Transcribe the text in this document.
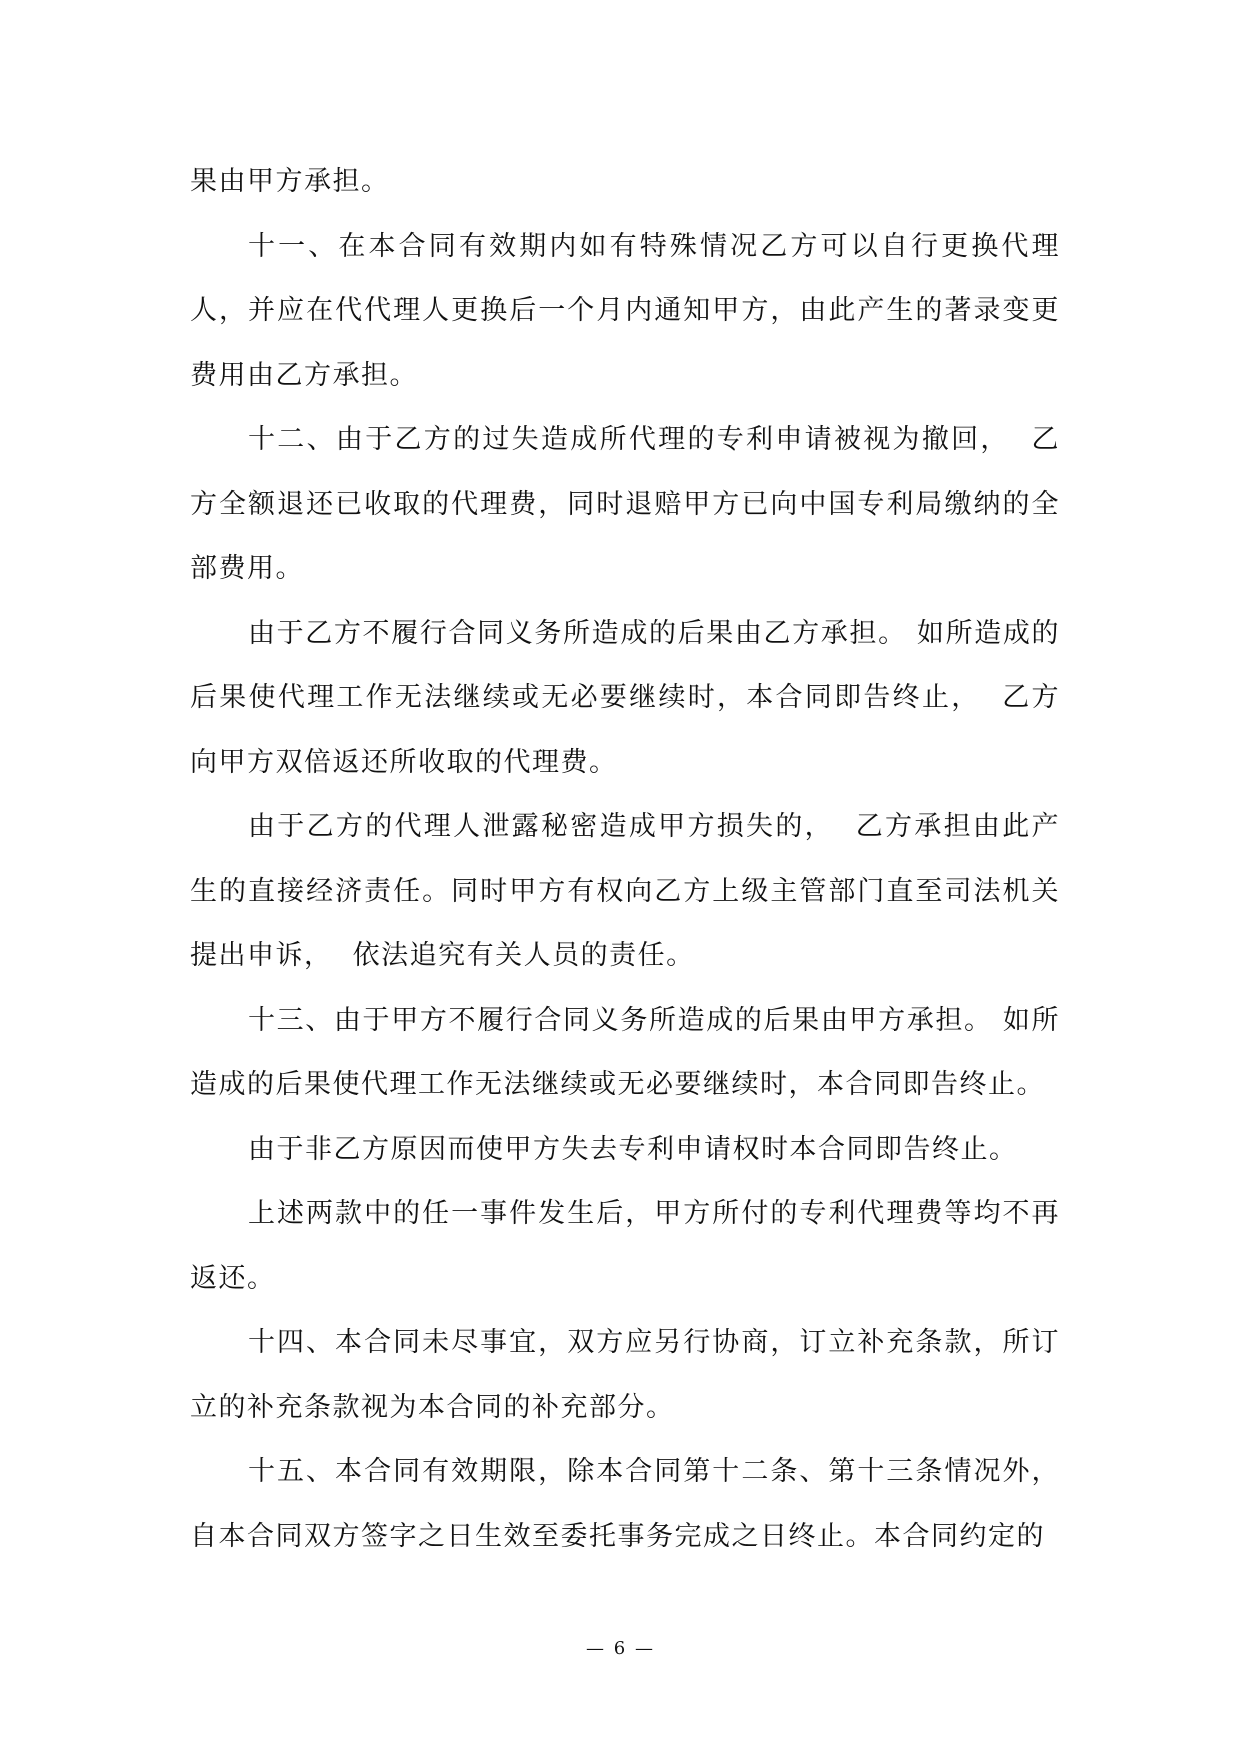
果由甲方承担。

十一、在本合同有效期内如有特殊情况乙方可以自行更换代理人，并应在代代理人更换后一个月内通知甲方，由此产生的著录变更费用由乙方承担。

十二、由于乙方的过失造成所代理的专利申请被视为撤回，  乙方全额退还已收取的代理费，同时退赔甲方已向中国专利局缴纳的全部费用。

由于乙方不履行合同义务所造成的后果由乙方承担。 如所造成的后果使代理工作无法继续或无必要继续时，本合同即告终止，  乙方向甲方双倍返还所收取的代理费。

由于乙方的代理人泄露秘密造成甲方损失的，  乙方承担由此产生的直接经济责任。同时甲方有权向乙方上级主管部门直至司法机关提出申诉，  依法追究有关人员的责任。

十三、由于甲方不履行合同义务所造成的后果由甲方承担。 如所造成的后果使代理工作无法继续或无必要继续时，本合同即告终止。

由于非乙方原因而使甲方失去专利申请权时本合同即告终止。

上述两款中的任一事件发生后，甲方所付的专利代理费等均不再返还。

十四、本合同未尽事宜，双方应另行协商，订立补充条款，所订立的补充条款视为本合同的补充部分。

十五、本合同有效期限，除本合同第十二条、第十三条情况外，自本合同双方签字之日生效至委托事务完成之日终止。本合同约定的

— 6 —
